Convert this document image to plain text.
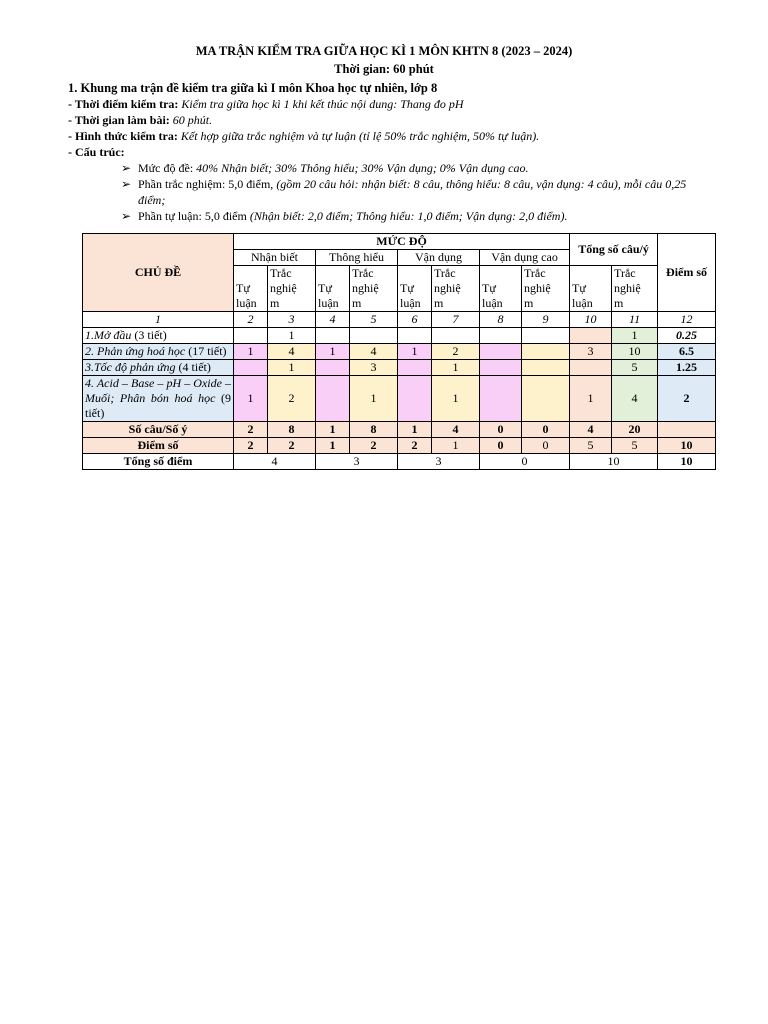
MA TRẬN KIỂM TRA GIỮA HỌC KÌ 1 MÔN KHTN 8 (2023 – 2024)
Thời gian: 60 phút
1. Khung ma trận đề kiểm tra giữa kì I môn Khoa học tự nhiên, lớp 8
- Thời điểm kiểm tra: Kiểm tra giữa học kì 1 khi kết thúc nội dung: Thang đo pH
- Thời gian làm bài: 60 phút.
- Hình thức kiểm tra: Kết hợp giữa trắc nghiệm và tự luận (tỉ lệ 50% trắc nghiệm, 50% tự luận).
- Cấu trúc:
➢ Mức độ đề: 40% Nhận biết; 30% Thông hiểu; 30% Vận dụng; 0% Vận dụng cao.
➢ Phần trắc nghiệm: 5,0 điểm, (gồm 20 câu hỏi: nhận biết: 8 câu, thông hiểu: 8 câu, vận dụng: 4 câu), mỗi câu 0,25
điểm;
➢ Phần tự luận: 5,0 điểm (Nhận biết: 2,0 điểm; Thông hiểu: 1,0 điểm; Vận dụng: 2,0 điểm).
CHỦ ĐỀ	MỨC ĐỘ								Tổng số câu/ý		Điểm số
	Nhận biết		Thông hiểu		Vận dụng		Vận dụng cao				

Tự
luận	Trắc
nghiệ
m	Tự
luận	Trắc
nghiệ
m	Tự
luận	Trắc
nghiệ
m	Tự
luận	Trắc
nghiệ
m	Tự
luận	Trắc
nghiệ
m	
1	2	3	4	5	6	7	8	9	10	11	12
1.Mở đầu (3 tiết)		1								1	0.25
2. Phản ứng hoá học (17 tiết)	1	4	1	4	1	2			3	10	6.5
3.Tốc độ phản ứng (4 tiết)		1		3		1				5	1.25
4. Acid – Base – pH – Oxide –Muối; Phân bón hoá học (9 tiết)	1	2		1		1			1	4	2
Số câu/Số ý	2	8	1	8	1	4	0	0	4	20	
Điểm số	2	2	1	2	2	1	0	0	5	5	10
Tổng số điểm	4		3		3		0		10		10
